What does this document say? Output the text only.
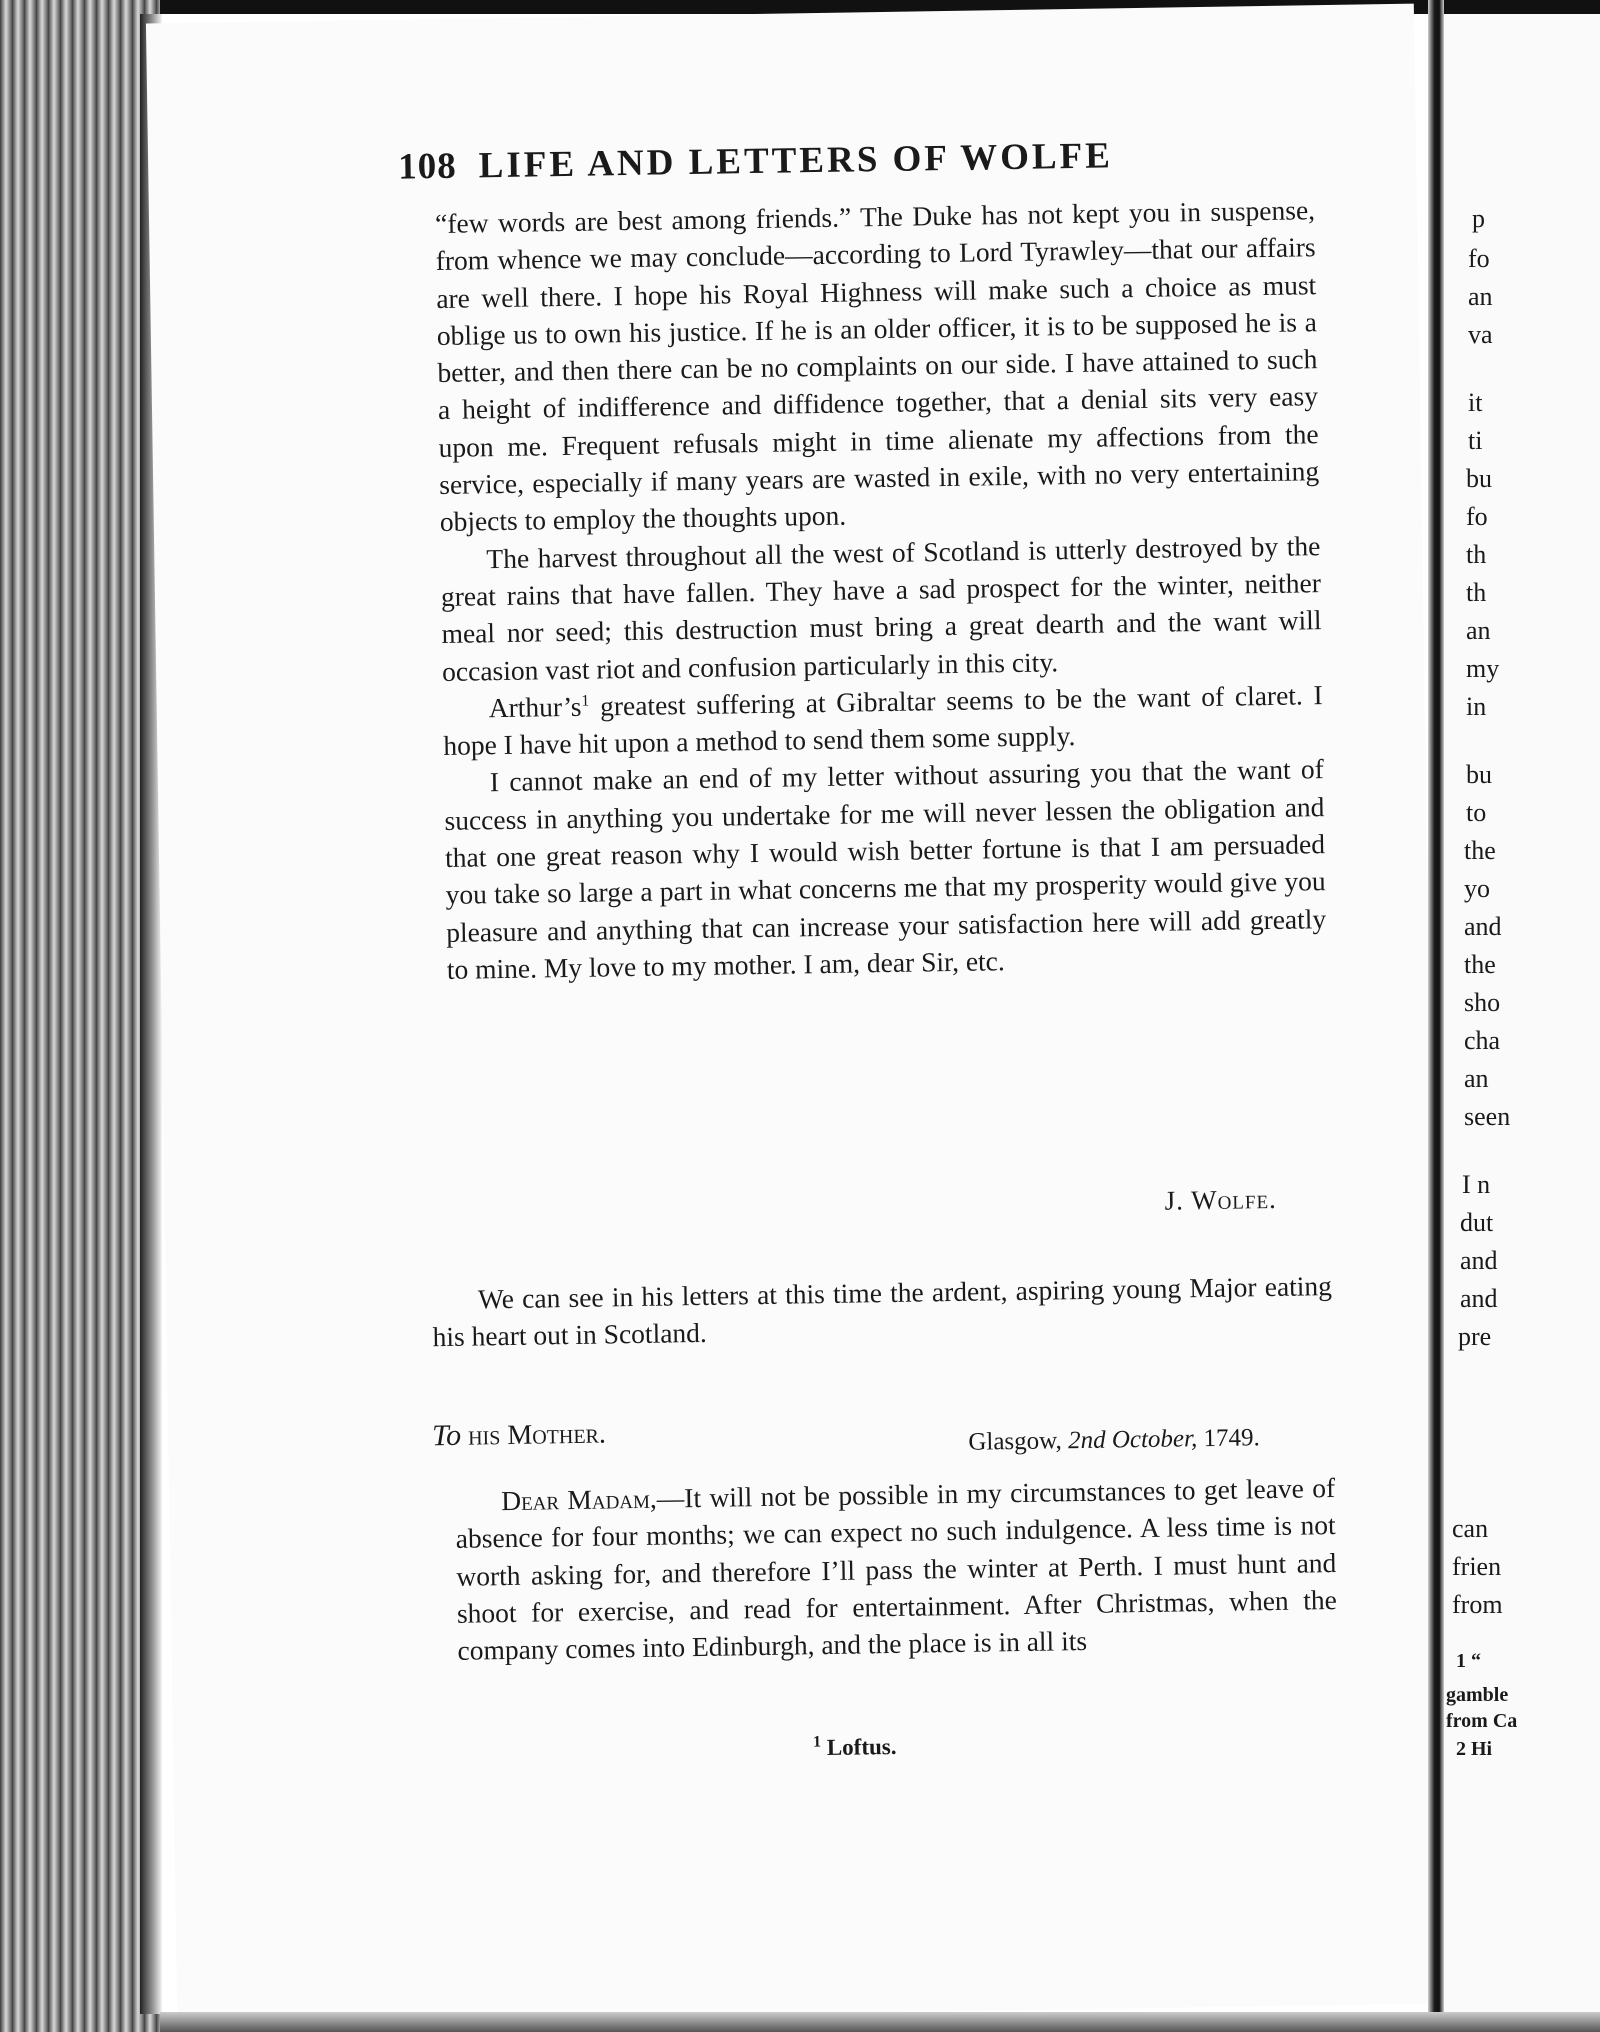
108 LIFE AND LETTERS OF WOLFE

“few words are best among friends.” The Duke has not kept you in suspense, from whence we may conclude—according to Lord Tyrawley—that our affairs are well there. I hope his Royal Highness will make such a choice as must oblige us to own his justice. If he is an older officer, it is to be supposed he is a better, and then there can be no complaints on our side. I have attained to such a height of indifference and diffidence together, that a denial sits very easy upon me. Frequent refusals might in time alienate my affections from the service, especially if many years are wasted in exile, with no very entertaining objects to employ the thoughts upon.

The harvest throughout all the west of Scotland is utterly destroyed by the great rains that have fallen. They have a sad prospect for the winter, neither meal nor seed; this destruction must bring a great dearth and the want will occasion vast riot and confusion particularly in this city.

Arthur’s$^1$ greatest suffering at Gibraltar seems to be the want of claret. I hope I have hit upon a method to send them some supply.

I cannot make an end of my letter without assuring you that the want of success in anything you undertake for me will never lessen the obligation and that one great reason why I would wish better fortune is that I am persuaded you take so large a part in what concerns me that my prosperity would give you pleasure and anything that can increase your satisfaction here will add greatly to mine. My love to my mother. I am, dear Sir, etc.

J. Wolfe.

We can see in his letters at this time the ardent, aspiring young Major eating his heart out in Scotland.

To his Mother.	Glasgow, 2nd October, 1749.

Dear Madam,—It will not be possible in my circumstances to get leave of absence for four months; we can expect no such indulgence. A less time is not worth asking for, and therefore I’ll pass the winter at Perth. I must hunt and shoot for exercise, and read for entertainment. After Christmas, when the company comes into Edinburgh, and the place is in all its

$^1$ Loftus.
p
fo
an
va
it
ti
bu
fo
th
th
an
my
in
bu
to
the
yo
and
the
sho
cha
an
seen
I n
dut
and
and
pre
can
frien
from
1 “
gamble
from Ca
2 Hi
